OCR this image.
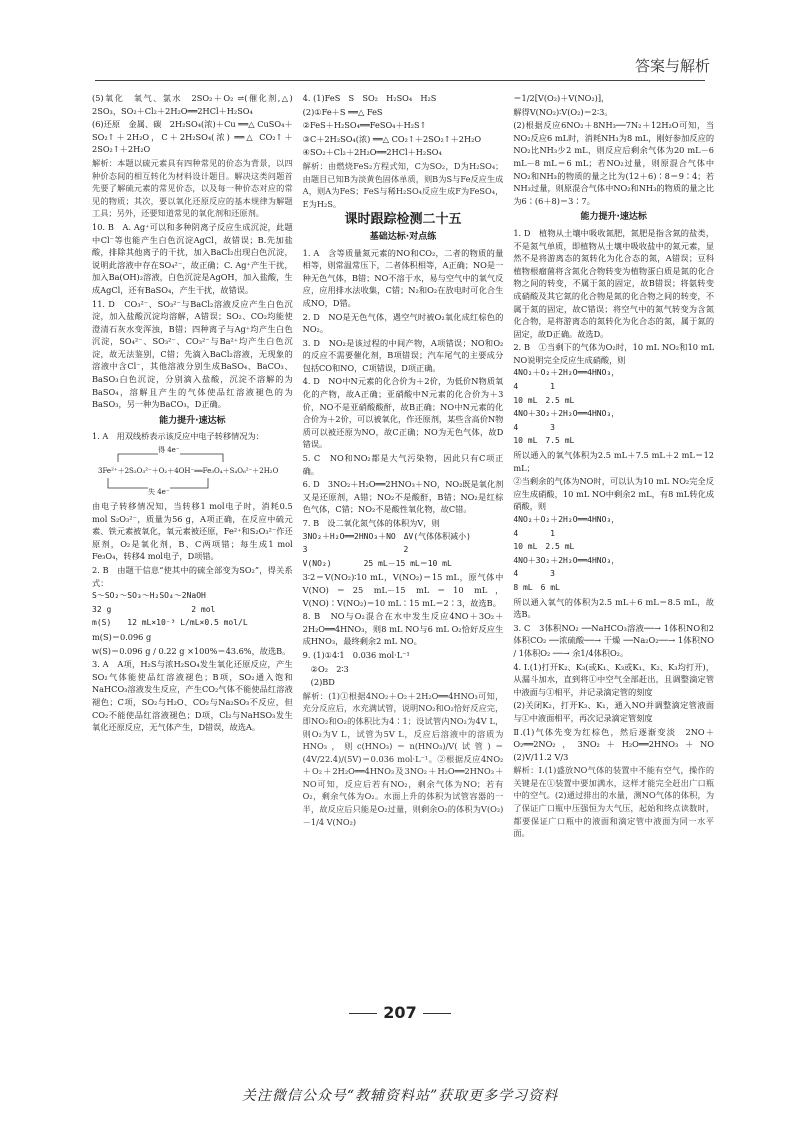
答案与解析

(5)氧化　氧气、氯水　2SO₂＋O₂ ⇌(催化剂,△) 2SO₃，SO₂＋Cl₂＋2H₂O══2HCl＋H₂SO₄

(6)还原　金属、碳　2H₂SO₄(浓)＋Cu ══△ CuSO₄＋SO₂↑＋2H₂O，C＋2H₂SO₄(浓) ══△ CO₂↑＋2SO₂↑＋2H₂O

解析：本题以硫元素具有四种常见的价态为背景，以四种价态间的相互转化为材料设计题目。解决这类问题首先要了解硫元素的常见价态，以及每一种价态对应的常见的物质；其次，要以氧化还原反应的基本规律为解题工具；另外，还要知道常见的氧化剂和还原剂。

10. B　A. Ag⁺可以和多种阴离子反应生成沉淀，此题中Cl⁻等也能产生白色沉淀AgCl，故错误；B.先加盐酸，排除其他离子的干扰，加入BaCl₂出现白色沉淀，说明此溶液中存在SO₄²⁻，故正确；C. Ag⁺产生干扰，加入Ba(OH)₂溶液，白色沉淀是AgOH，加入盐酸，生成AgCl，还有BaSO₄，产生干扰，故错误。

11. D　CO₃²⁻、SO₃²⁻与BaCl₂溶液反应产生白色沉淀，加入盐酸沉淀均溶解，A错误；SO₂、CO₂均能使澄清石灰水变浑浊，B错；四种离子与Ag⁺均产生白色沉淀，SO₄²⁻、SO₃²⁻、CO₃²⁻与Ba²⁺均产生白色沉淀，故无法鉴别，C错；先滴入BaCl₂溶液，无现象的溶液中含Cl⁻，其他溶液分别生成BaSO₄、BaCO₃、BaSO₃白色沉淀，分别滴入盐酸，沉淀不溶解的为BaSO₄，溶解且产生的气体使品红溶液褪色的为BaSO₃，另一种为BaCO₃，D正确。

能力提升·速达标

1. A　用双线桥表示该反应中电子转移情况为：

得 4e⁻
3Fe²⁺＋2S₂O₃²⁻＋O₂＋4OH⁻══Fe₃O₄＋S₄O₆²⁻＋2H₂O
失 4e⁻

由电子转移情况知，当转移1 mol电子时，消耗0.5 mol S₂O₃²⁻，质量为56 g，A项正确，在反应中硫元素、铁元素被氧化，氧元素被还原，Fe²⁺和S₂O₃²⁻作还原剂，O₂是氧化剂，B、C两项错；每生成1 mol Fe₃O₄，转移4 mol电子，D项错。

2. B　由题干信息“使其中的硫全部变为SO₂”，得关系式：

S～SO₂～SO₃～H₂SO₄～2NaOH

32 g　　　　　　　　　　2 mol

m(S)　　12 mL×10⁻³ L/mL×0.5 mol/L

m(S)＝0.096 g

w(S)＝0.096 g / 0.22 g ×100%＝43.6%，故选B。

3. A　A项，H₂S与浓H₂SO₄发生氧化还原反应，产生SO₂气体能使品红溶液褪色；B项，SO₂通入饱和NaHCO₃溶液发生反应，产生CO₂气体不能使品红溶液褪色；C项，SO₂与H₂O、CO₂与Na₂SO₃不反应，但CO₂不能使品红溶液褪色；D项，Cl₂与NaHSO₃发生氧化还原反应，无气体产生，D错误，故选A。

4. (1)FeS　S　SO₂　H₂SO₄　H₂S

(2)①Fe＋S ══△ FeS

②FeS＋H₂SO₄══FeSO₄＋H₂S↑

③C＋2H₂SO₄(浓) ══△ CO₂↑＋2SO₂↑＋2H₂O

④SO₂＋Cl₂＋2H₂O══2HCl＋H₂SO₄

解析：由燃烧FeS₂方程式知，C为SO₂，D为H₂SO₄；由题目已知B为淡黄色固体单质，则B为S与Fe反应生成A，则A为FeS；FeS与稀H₂SO₄反应生成F为FeSO₄，E为H₂S。

课时跟踪检测二十五
基础达标·对点练

1. A　含等质量氮元素的NO和CO₂，二者的物质的量相等，则常温常压下，二者体积相等，A正确；NO是一种无色气体，B错；NO不溶于水，易与空气中的氧气反应，应用排水法收集，C错；N₂和O₂在放电时可化合生成NO，D错。

2. D　NO是无色气体，遇空气时被O₂氧化成红棕色的NO₂。

3. D　NO₂是该过程的中间产物，A项错误；NO和O₂的反应不需要催化剂，B项错误；汽车尾气的主要成分包括CO和NO，C项错误，D项正确。

4. D　NO中N元素的化合价为＋2价，为低价N物质氧化的产物，故A正确；亚硝酸中N元素的化合价为＋3价，NO不是亚硝酸酸酐，故B正确；NO中N元素的化合价为＋2价，可以被氧化，作还原剂，某些含高价N物质可以被还原为NO，故C正确；NO为无色气体，故D错误。

5. C　NO和NO₂都是大气污染物，因此只有C项正确。

6. D　3NO₂＋H₂O══2HNO₃＋NO，NO₂既是氧化剂又是还原剂，A错；NO₂不是酸酐，B错；NO₂是红棕色气体，C错；NO₂不是酸性氧化物，故C错。

7. B　设二氧化氮气体的体积为V，则

3NO₂＋H₂O══2HNO₃＋NO　ΔV(气体体积减小)

3　　　　　　　　　　　　2

V(NO₂)　　　　25 mL－15 mL＝10 mL

3∶2＝V(NO₂)∶10 mL，V(NO₂)＝15 mL，原气体中V(NO)＝25 mL－15 mL＝10 mL，V(NO)∶V(NO₂)＝10 mL∶15 mL＝2∶3，故选B。

8. B　NO与O₂混合在水中发生反应4NO＋3O₂＋2H₂O══4HNO₃，则8 mL NO与6 mL O₂恰好反应生成HNO₃，最终剩余2 mL NO。

9. (1)①4∶1　0.036 mol·L⁻¹

②O₂　2∶3

(2)BD

解析：(1)①根据4NO₂＋O₂＋2H₂O══4HNO₃可知，充分反应后，水充满试管，说明NO₂和O₂恰好反应完，即NO₂和O₂的体积比为4∶1；设试管内NO₂为4V L，则O₂为V L，试管为5V L，反应后溶液中的溶质为HNO₃，则c(HNO₃)＝n(HNO₃)/V(试管)＝(4V/22.4)/(5V)＝0.036 mol·L⁻¹。②根据反应4NO₂＋O₂＋2H₂O══4HNO₃及3NO₂＋H₂O══2HNO₃＋NO可知，反应后若有NO₂，剩余气体为NO；若有O₂，剩余气体为O₂。水面上升的体积为试管容器的一半，故反应后只能是O₂过量，则剩余O₂的体积为V(O₂)－1/4 V(NO₂)

＝1/2[V(O₂)＋V(NO₂)]，

解得V(NO₂)∶V(O₂)＝2∶3。

(2)根据反应6NO₂＋8NH₃──7N₂＋12H₂O可知，当NO₂反应6 mL时，消耗NH₃为8 mL，刚好参加反应的NO₂比NH₃少2 mL，则反应后剩余气体为20 mL－6 mL－8 mL＝6 mL；若NO₂过量，则原混合气体中NO₂和NH₃的物质的量之比为(12＋6)∶8＝9∶4；若NH₃过量，则原混合气体中NO₂和NH₃的物质的量之比为6∶(6＋8)＝3∶7。

能力提升·速达标

1. D　植物从土壤中吸收氮肥，氮肥是指含氮的盐类，不是氮气单质，即植物从土壤中吸收盐中的氮元素，显然不是将游离态的氮转化为化合态的氮，A错误；豆科植物根瘤菌将含氮化合物转变为植物蛋白质是氮的化合物之间的转变，不属于氮的固定，故B错误；将氨转变成硝酸及其它氮的化合物是氮的化合物之间的转变，不属于氮的固定，故C错误；将空气中的氮气转变为含氮化合物，是将游离态的氮转化为化合态的氮，属于氮的固定，故D正确。故选D。

2. B　①当剩下的气体为O₂时，10 mL NO₂和10 mL NO说明完全反应生成硝酸，则

4NO₂＋O₂＋2H₂O══4HNO₃，

4　　　　1

10 mL　2.5 mL

4NO＋3O₂＋2H₂O══4HNO₃，

4　　　　3

10 mL　7.5 mL

所以通入的氧气体积为2.5 mL＋7.5 mL＋2 mL＝12 mL；

②当剩余的气体为NO时，可以认为10 mL NO₂完全反应生成硝酸，10 mL NO中剩余2 mL，有8 mL转化成硝酸，则

4NO₂＋O₂＋2H₂O══4HNO₃，

4　　　　1

10 mL　2.5 mL

4NO＋3O₂＋2H₂O══4HNO₃，

4　　　　3

8 mL　6 mL

所以通入氧气的体积为2.5 mL＋6 mL＝8.5 mL，故选B。

3. C　3体积NO₂ ──NaHCO₃溶液──→ 1体积NO和2体积CO₂ ──浓硫酸──→ 干燥 ──Na₂O₂──→ 1体积NO / 1体积O₂ ──→ 余1/4体积O₂。

4. Ⅰ.(1)打开K₂、K₃(或K₁、K₃或K₁、K₂、K₃均打开)，从漏斗加水，直到将①中空气全部赶出，且调整滴定管中液面与①相平，并记录滴定管的刻度

(2)关闭K₂，打开K₃、K₁，通入NO并调整滴定管液面与①中液面相平，再次记录滴定管刻度

Ⅱ.(1)气体先变为红棕色，然后逐渐变淡　2NO＋O₂══2NO₂，3NO₂＋H₂O══2HNO₃＋NO　(2)V/11.2 V/3

解析：Ⅰ.(1)盛放NO气体的装置中不能有空气，操作的关键是在①装置中要加满水，这样才能完全赶出广口瓶中的空气。(2)通过排出的水量，测NO气体的体积，为了保证广口瓶中压强恒为大气压，起始和终点读数时，都要保证广口瓶中的液面和滴定管中液面为同一水平面。

207
关注微信公众号“教辅资料站”获取更多学习资料
